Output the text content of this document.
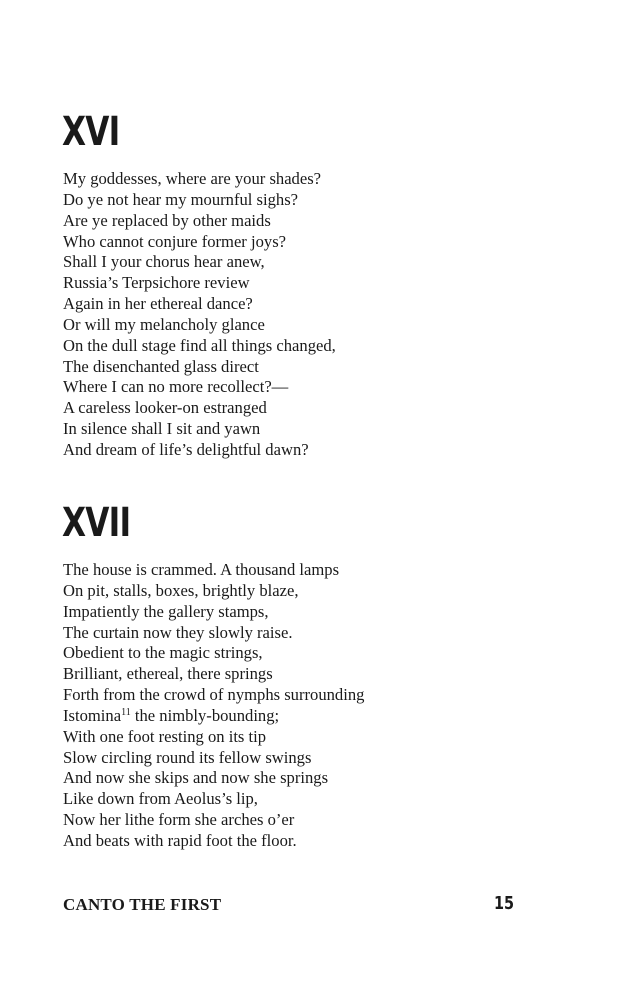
XVI
My goddesses, where are your shades?
Do ye not hear my mournful sighs?
Are ye replaced by other maids
Who cannot conjure former joys?
Shall I your chorus hear anew,
Russia’s Terpsichore review
Again in her ethereal dance?
Or will my melancholy glance
On the dull stage find all things changed,
The disenchanted glass direct
Where I can no more recollect?—
A careless looker-on estranged
In silence shall I sit and yawn
And dream of life’s delightful dawn?
XVII
The house is crammed. A thousand lamps
On pit, stalls, boxes, brightly blaze,
Impatiently the gallery stamps,
The curtain now they slowly raise.
Obedient to the magic strings,
Brilliant, ethereal, there springs
Forth from the crowd of nymphs surrounding
Istomina$^{11}$ the nimbly-bounding;
With one foot resting on its tip
Slow circling round its fellow swings
And now she skips and now she springs
Like down from Aeolus’s lip,
Now her lithe form she arches o’er
And beats with rapid foot the floor.
CANTO THE FIRST	15
